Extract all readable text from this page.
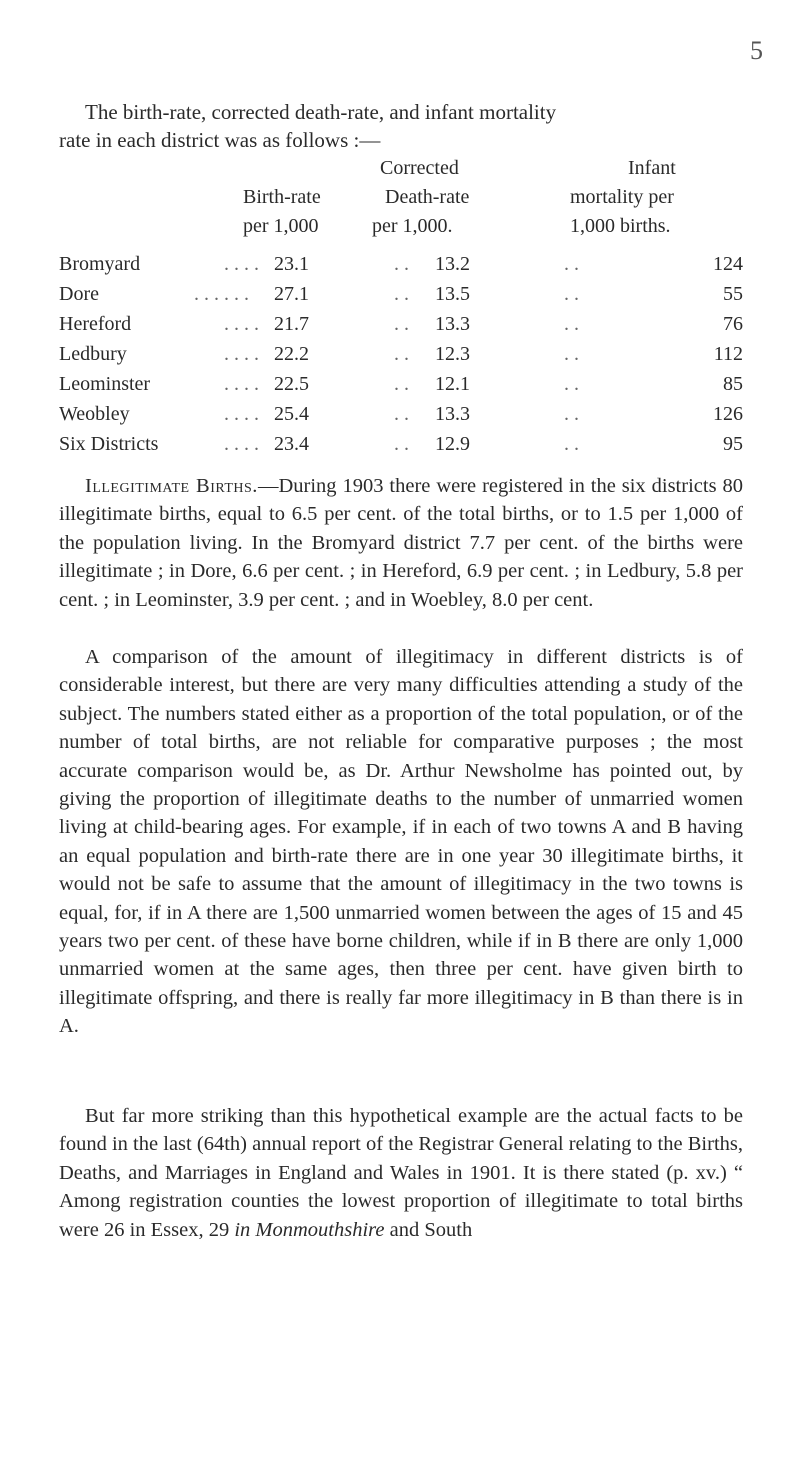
5
The birth-rate, corrected death-rate, and infant mortality
rate in each district was as follows :—
Corrected	Infant
Birth-rate	Death-rate	mortality per
per 1,000	per 1,000.	1,000 births.
Bromyard	. . . . 23.1	. . 13.2	. .	124
Dore	. . . . . . 27.1	. . 13.5	. .	55
Hereford	. . . . 21.7	. . 13.3	. .	76
Ledbury	. . . . 22.2	. . 12.3	. .	112
Leominster	. . . . 22.5	. . 12.1	. .	85
Weobley	. . . . 25.4	. . 13.3	. .	126
Six Districts	. . . . 23.4	. . 12.9	. .	95

Illegitimate Births.—During 1903 there were registered in the six districts 80 illegitimate births, equal to 6.5 per cent. of the total births, or to 1.5 per 1,000 of the population living. In the Bromyard district 7.7 per cent. of the births were illegitimate ; in Dore, 6.6 per cent. ; in Hereford, 6.9 per cent. ; in Ledbury, 5.8 per cent. ; in Leominster, 3.9 per cent. ; and in Woebley, 8.0 per cent.

A comparison of the amount of illegitimacy in different districts is of considerable interest, but there are very many difficulties attending a study of the subject. The numbers stated either as a proportion of the total population, or of the number of total births, are not reliable for comparative purposes ; the most accurate comparison would be, as Dr. Arthur Newsholme has pointed out, by giving the proportion of illegitimate deaths to the number of unmarried women living at child-bearing ages. For example, if in each of two towns A and B having an equal population and birth-rate there are in one year 30 illegitimate births, it would not be safe to assume that the amount of illegitimacy in the two towns is equal, for, if in A there are 1,500 unmarried women between the ages of 15 and 45 years two per cent. of these have borne children, while if in B there are only 1,000 unmarried women at the same ages, then three per cent. have given birth to illegitimate offspring, and there is really far more illegitimacy in B than there is in A.

But far more striking than this hypothetical example are the actual facts to be found in the last (64th) annual report of the Registrar General relating to the Births, Deaths, and Marriages in England and Wales in 1901. It is there stated (p. xv.) “ Among registration counties the lowest proportion of illegitimate to total births were 26 in Essex, 29 in Monmouthshire and South
